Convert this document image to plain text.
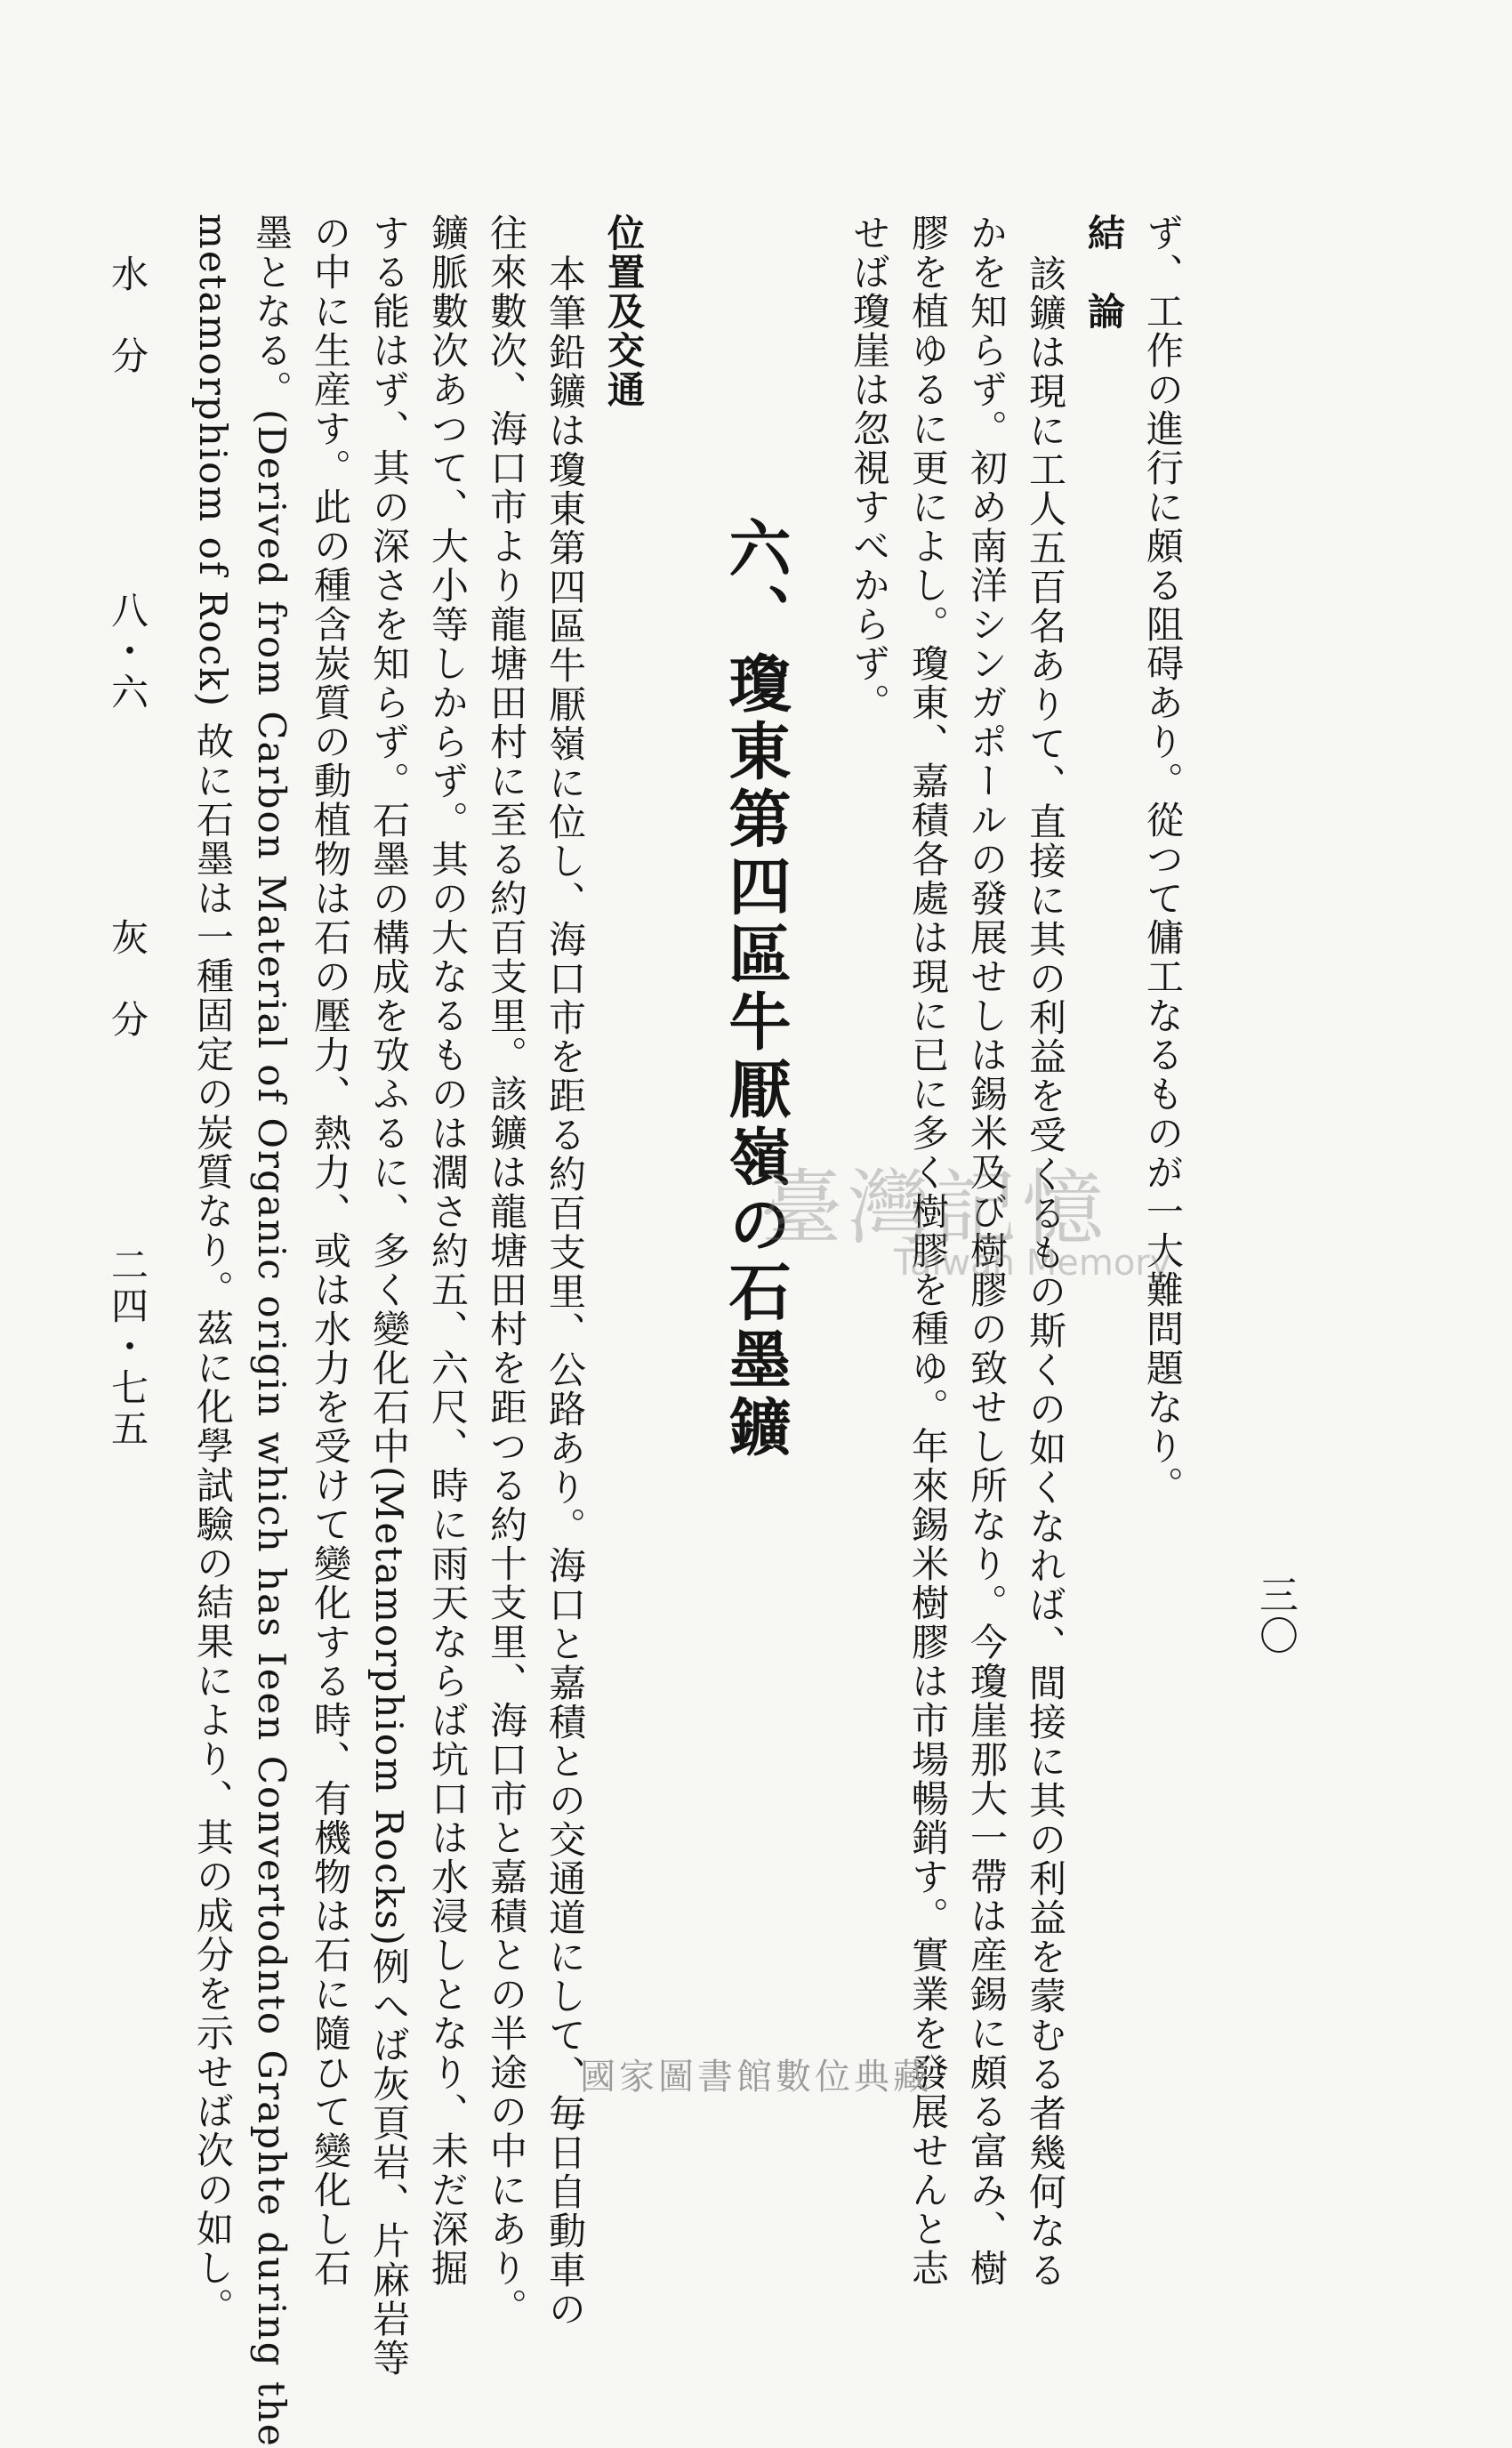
三〇
ず、工作の進行に頗る阻碍あり。從つて傭工なるものが一大難問題なり。
結　論
該鑛は現に工人五百名ありて、直接に其の利益を受くるもの斯くの如くなれば、間接に其の利益を蒙むる者幾何なる
かを知らず。初め南洋シンガポールの發展せしは錫米及び樹膠の致せし所なり。今瓊崖那大一帶は産錫に頗る富み、樹
膠を植ゆるに更によし。瓊東、嘉積各處は現に已に多く樹膠を種ゆ。年來錫米樹膠は市場暢銷す。實業を發展せんと志
せば瓊崖は忽視すべからず。
六、瓊東第四區牛厭嶺の石墨鑛
位置及交通
本筆鉛鑛は瓊東第四區牛厭嶺に位し、海口市を距る約百支里、公路あり。海口と嘉積との交通道にして、毎日自動車の
往來數次、海口市より龍塘田村に至る約百支里。該鑛は龍塘田村を距つる約十支里、海口市と嘉積との半途の中にあり。
鑛脈數次あつて、大小等しからず。其の大なるものは濶さ約五、六尺、時に雨天ならば坑口は水浸しとなり、未だ深掘
する能はず、其の深さを知らず。石墨の構成を攷ふるに、多く變化石中(Metamorphiom Rocks)例へば灰頁岩、片麻岩等
の中に生産す。此の種含炭質の動植物は石の壓力、熱力、或は水力を受けて變化する時、有機物は石に隨ひて變化し石
墨となる。(Derived from Carbon Material of Organic origin which has Ieen Convertodnto Graphte during the
metamorphiom of Rock) 故に石墨は一種固定の炭質なり。茲に化學試驗の結果により、其の成分を示せば次の如し。
水　分八・六灰　分二四・七五
臺灣記憶
Taiwan Memory
國家圖書館數位典藏
